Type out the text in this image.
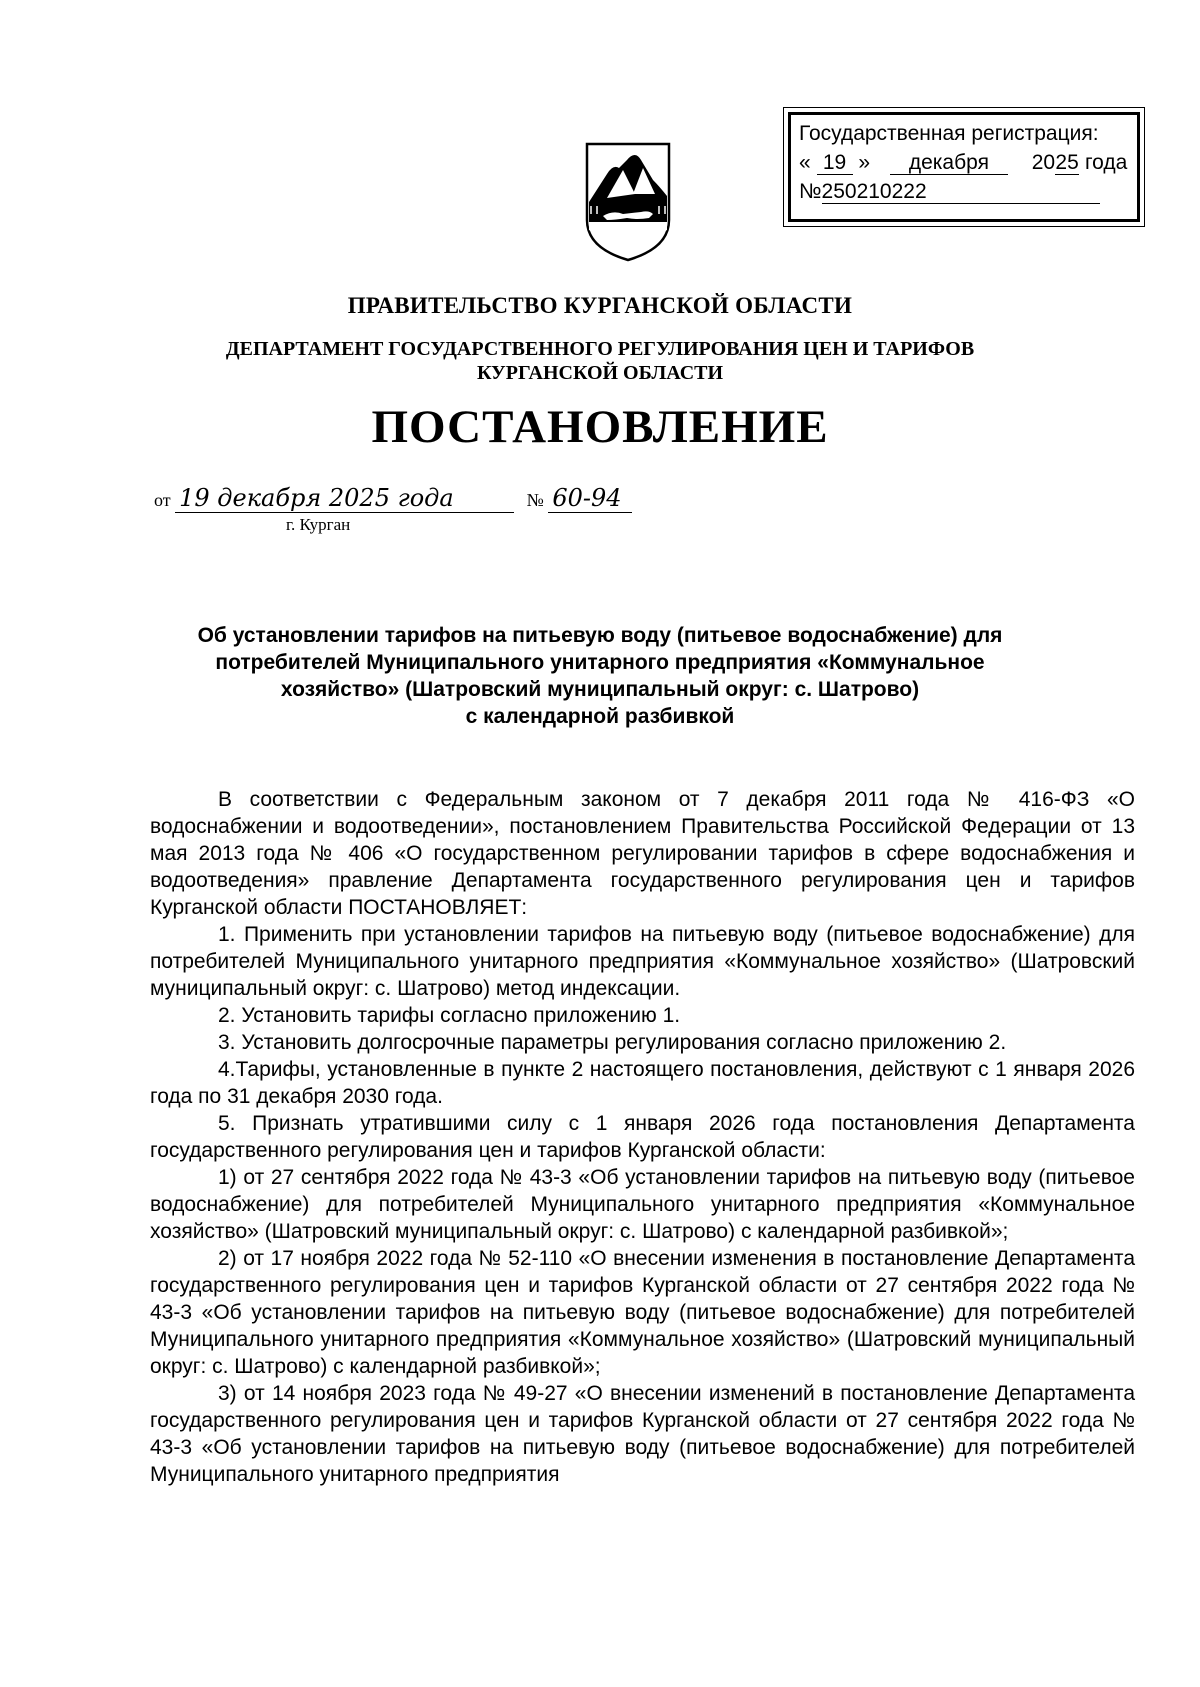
Государственная регистрация:
« 19 » декабря 2025 года
№250210222
ПРАВИТЕЛЬСТВО КУРГАНСКОЙ ОБЛАСТИ
ДЕПАРТАМЕНТ ГОСУДАРСТВЕННОГО РЕГУЛИРОВАНИЯ ЦЕН И ТАРИФОВ
КУРГАНСКОЙ ОБЛАСТИ
ПОСТАНОВЛЕНИЕ
от 19 декабря 2025 года	№ 60-94
г. Курган
Об установлении тарифов на питьевую воду (питьевое водоснабжение) для
потребителей Муниципального унитарного предприятия «Коммунальное
хозяйство» (Шатровский муниципальный округ: с. Шатрово)
с календарной разбивкой

В соответствии с Федеральным законом от 7 декабря 2011 года № 416-ФЗ «О водоснабжении и водоотведении», постановлением Правительства Российской Федерации от 13 мая 2013 года № 406 «О государственном регулировании тарифов в сфере водоснабжения и водоотведения» правление Департамента государственного регулирования цен и тарифов Курганской области ПОСТАНОВЛЯЕТ:

1. Применить при установлении тарифов на питьевую воду (питьевое водоснабжение) для потребителей Муниципального унитарного предприятия «Коммунальное хозяйство» (Шатровский муниципальный округ: с. Шатрово) метод индексации.

2. Установить тарифы согласно приложению 1.

3. Установить долгосрочные параметры регулирования согласно приложению 2.

4.Тарифы, установленные в пункте 2 настоящего постановления, действуют с 1 января 2026 года по 31 декабря 2030 года.

5. Признать утратившими силу с 1 января 2026 года постановления Департамента государственного регулирования цен и тарифов Курганской области:

1) от 27 сентября 2022 года № 43-3 «Об установлении тарифов на питьевую воду (питьевое водоснабжение) для потребителей Муниципального унитарного предприятия «Коммунальное хозяйство» (Шатровский муниципальный округ: с. Шатрово) с календарной разбивкой»;

2) от 17 ноября 2022 года № 52-110 «О внесении изменения в постановление Департамента государственного регулирования цен и тарифов Курганской области от 27 сентября 2022 года № 43-3 «Об установлении тарифов на питьевую воду (питьевое водоснабжение) для потребителей Муниципального унитарного предприятия «Коммунальное хозяйство» (Шатровский муниципальный округ: с. Шатрово) с календарной разбивкой»;

3) от 14 ноября 2023 года № 49-27 «О внесении изменений в постановление Департамента государственного регулирования цен и тарифов Курганской области от 27 сентября 2022 года № 43-3 «Об установлении тарифов на питьевую воду (питьевое водоснабжение) для потребителей Муниципального унитарного предприятия
